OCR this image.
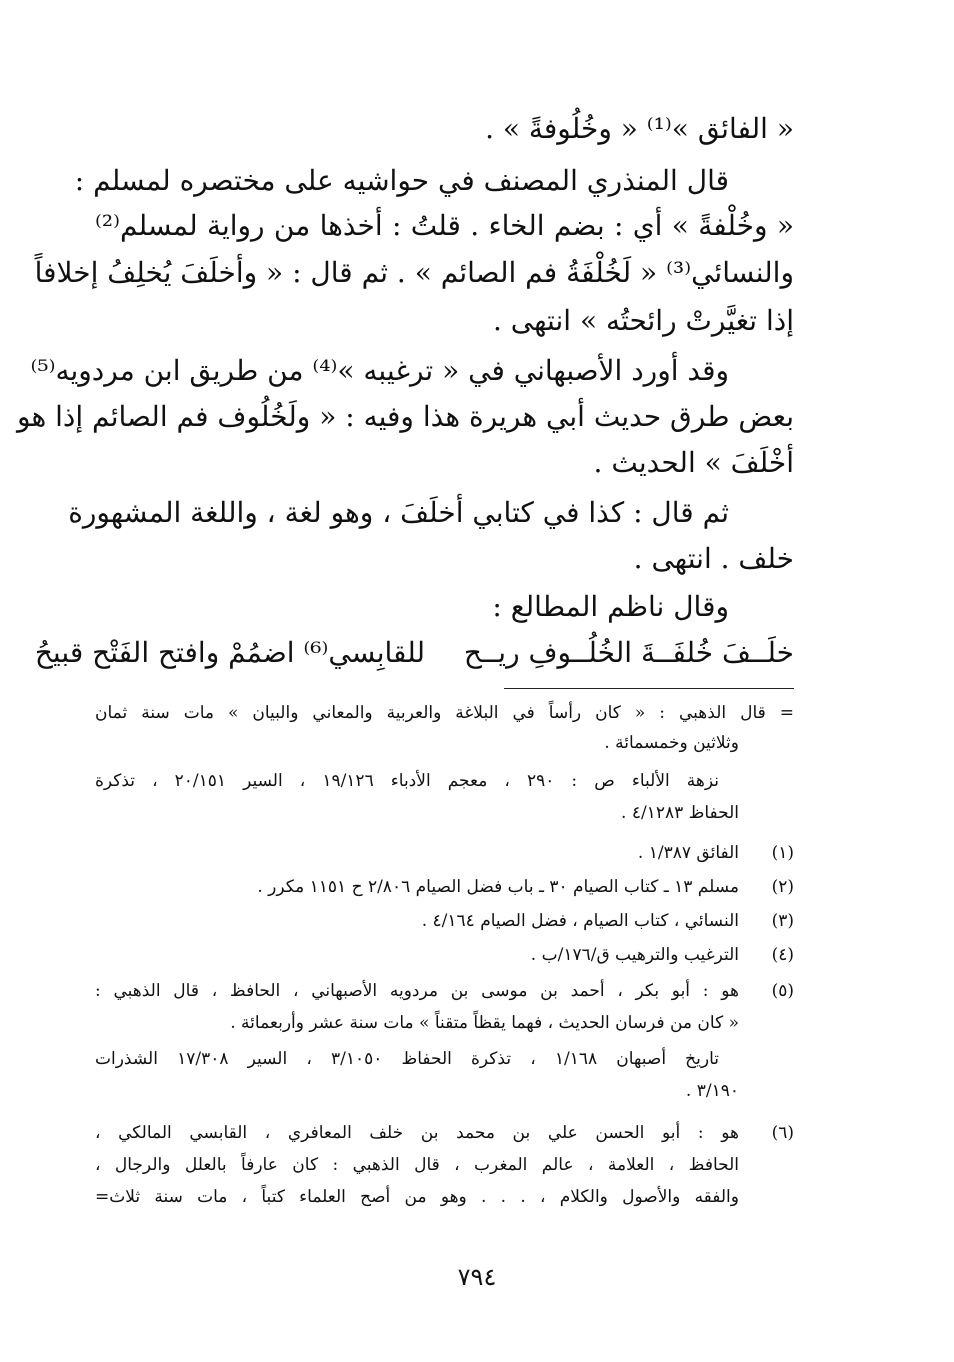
« الفائق »⁽¹⁾ « وخُلُوفةً » .
قال المنذري المصنف في حواشيه على مختصره لمسلم :
« وخُلْفةً » أي : بضم الخاء . قلتُ : أخذها من رواية لمسلم⁽²⁾
والنسائي⁽³⁾ « لَخُلْفَةُ فم الصائم » . ثم قال : « وأخلَفَ يُخلِفُ إخلافاً
إذا تغيَّرتْ رائحتُه » انتهى .
وقد أورد الأصبهاني في « ترغيبه »⁽⁴⁾ من طريق ابن مردويه⁽⁵⁾
بعض طرق حديث أبي هريرة هذا وفيه : « ولَخُلُوف فم الصائم إذا هو
أخْلَفَ » الحديث .
ثم قال : كذا في كتابي أخلَفَ ، وهو لغة ، واللغة المشهورة
خلف . انتهى .
وقال ناظم المطالع :
خلَــفَ خُلفَــةَ الخُلُــوفِ ريــح
للقابِسي⁽⁶⁾ اضمُمْ وافتح الفَتْح قبيحُ
= قال الذهبي : « كان رأساً في البلاغة والعربية والمعاني والبيان » مات سنة ثمان
وثلاثين وخمسمائة .
نزهة الألباء ص : ٢٩٠ ، معجم الأدباء ١٩/١٢٦ ، السير ٢٠/١٥١ ، تذكرة
الحفاظ ٤/١٢٨٣ .
(١)
الفائق ١/٣٨٧ .
(٢)
مسلم ١٣ ـ كتاب الصيام ٣٠ ـ باب فضل الصيام ٢/٨٠٦ ح ١١٥١ مكرر .
(٣)
النسائي ، كتاب الصيام ، فضل الصيام ٤/١٦٤ .
(٤)
الترغيب والترهيب ق/١٧٦/ب .
(٥)
هو : أبو بكر ، أحمد بن موسى بن مردويه الأصبهاني ، الحافظ ، قال الذهبي :
« كان من فرسان الحديث ، فهما يقظاً متقناً » مات سنة عشر وأربعمائة .
تاريخ أصبهان ١/١٦٨ ، تذكرة الحفاظ ٣/١٠٥٠ ، السير ١٧/٣٠٨ الشذرات
٣/١٩٠ .
(٦)
هو : أبو الحسن علي بن محمد بن خلف المعافري ، القابسي المالكي ،
الحافظ ، العلامة ، عالم المغرب ، قال الذهبي : كان عارفاً بالعلل والرجال ،
والفقه والأصول والكلام ، . . . وهو من أصح العلماء كتباً ، مات سنة ثلاث=
٧٩٤
